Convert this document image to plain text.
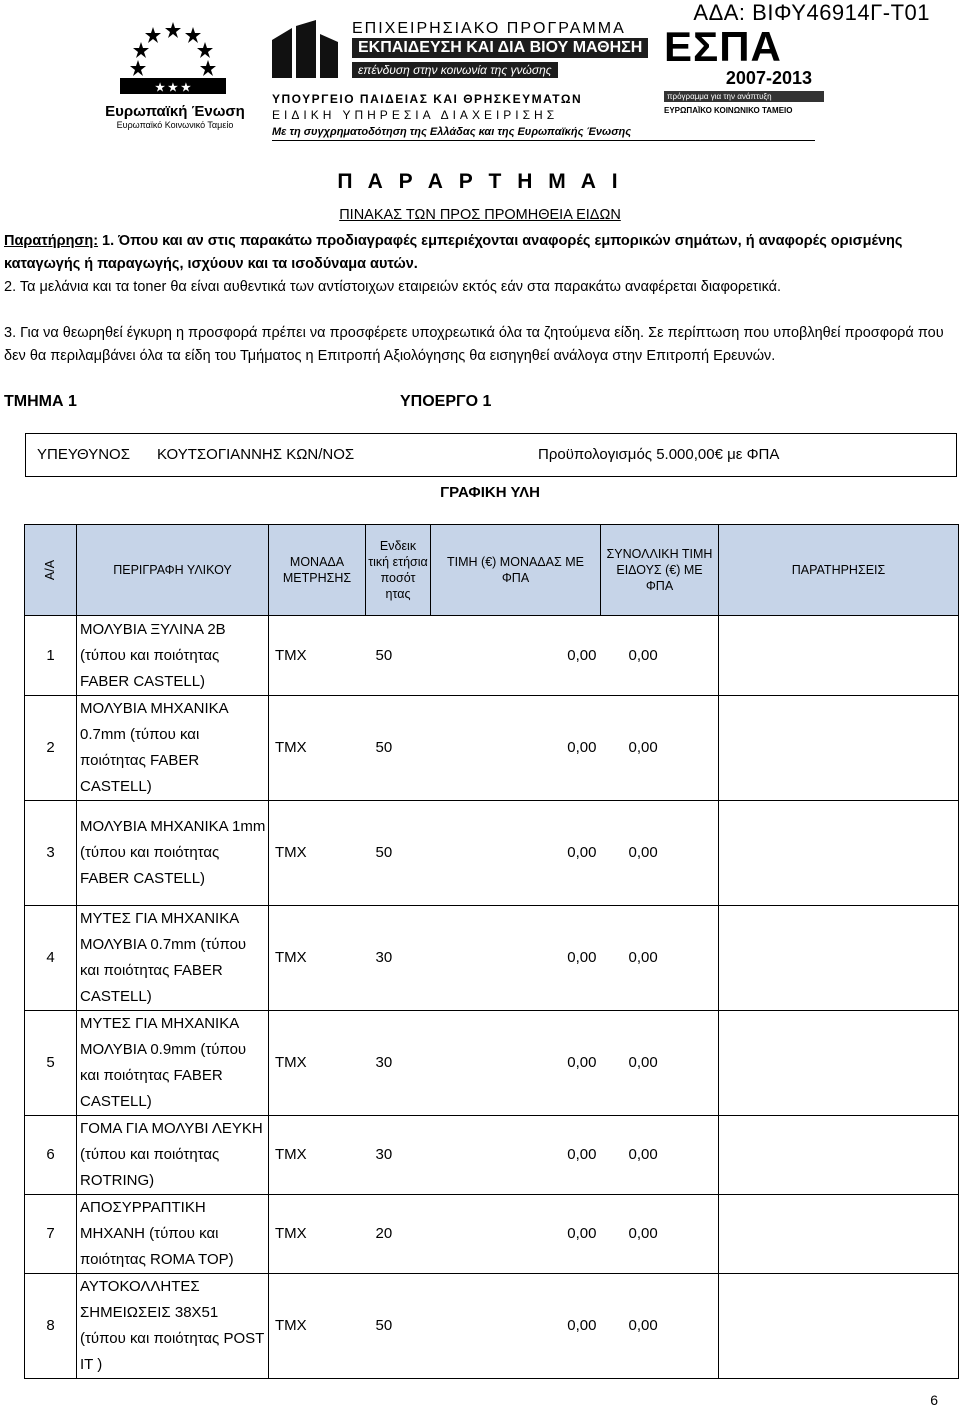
ΑΔΑ: ΒΙΦΥ46914Γ-Τ01
★ ★ ★
Ευρωπαϊκή Ένωση
Ευρωπαϊκό Κοινωνικό Ταμείο
ΕΠΙΧΕΙΡΗΣΙΑΚΟ ΠΡΟΓΡΑΜΜΑ
ΕΚΠΑΙΔΕΥΣΗ ΚΑΙ ΔΙΑ ΒΙΟΥ ΜΑΘΗΣΗ
επένδυση στην κοινωνία της γνώσης
ΥΠΟΥΡΓΕΙΟ ΠΑΙΔΕΙΑΣ ΚΑΙ ΘΡΗΣΚΕΥΜΑΤΩΝ
ΕΙΔΙΚΗ ΥΠΗΡΕΣΙΑ ΔΙΑΧΕΙΡΙΣΗΣ
Με τη συγχρηματοδότηση της Ελλάδας και της Ευρωπαϊκής Ένωσης
ΕΣΠΑ
2007-2013
πρόγραμμα για την ανάπτυξη
ΕΥΡΩΠΑΪΚΟ ΚΟΙΝΩΝΙΚΟ ΤΑΜΕΙΟ
Π Α Ρ Α Ρ Τ Η Μ Α Ι
ΠΙΝΑΚΑΣ ΤΩΝ ΠΡΟΣ ΠΡΟΜΗΘΕΙΑ ΕΙΔΩΝ
Παρατήρηση: 1. Όπου και αν στις παρακάτω προδιαγραφές εμπεριέχονται αναφορές εμπορικών σημάτων, ή αναφορές ορισμένης καταγωγής ή παραγωγής, ισχύουν και τα ισοδύναμα αυτών.
2. Τα μελάνια και τα toner θα είναι αυθεντικά των αντίστοιχων εταιρειών εκτός εάν στα παρακάτω αναφέρεται διαφορετικά.
3. Για να θεωρηθεί έγκυρη η προσφορά πρέπει να προσφέρετε υποχρεωτικά όλα τα ζητούμενα είδη. Σε περίπτωση που υποβληθεί προσφορά που δεν θα περιλαμβάνει όλα τα είδη του Τμήματος η Επιτροπή Αξιολόγησης θα εισηγηθεί ανάλογα στην Επιτροπή Ερευνών.
ΤΜΗΜΑ 1	ΥΠΟΕΡΓΟ 1
ΥΠΕΥΘΥΝΟΣ ΚΟΥΤΣΟΓΙΑΝΝΗΣ ΚΩΝ/ΝΟΣ	Προϋπολογισμός 5.000,00€ με ΦΠΑ
ΓΡΑΦΙΚΗ ΥΛΗ
Α/Α	ΠΕΡΙΓΡΑΦΗ ΥΛΙΚΟΥ	ΜΟΝΑΔΑ ΜΕΤΡΗΣΗΣ	Ενδεικ τική ετήσια ποσότ ητας	ΤΙΜΗ (€) ΜΟΝΑΔΑΣ ΜΕ ΦΠΑ	ΣΥΝΟΛΛΙΚΗ ΤΙΜΗ ΕΙΔΟΥΣ (€) ΜΕ ΦΠΑ	ΠΑΡΑΤΗΡΗΣΕΙΣ
1	ΜΟΛΥΒΙΑ ΞΥΛΙΝΑ 2Β (τύπου και ποιότητας FABER CASTELL)	ΤΜΧ	50	0,00	0,00	
2	ΜΟΛΥΒΙΑ ΜΗΧΑΝΙΚΑ 0.7mm (τύπου και ποιότητας FABER CASTELL)	ΤΜΧ	50	0,00	0,00	
3	ΜΟΛΥΒΙΑ ΜΗΧΑΝΙΚΑ 1mm (τύπου και ποιότητας FABER CASTELL)	ΤΜΧ	50	0,00	0,00	
4	ΜΥΤΕΣ ΓΙΑ ΜΗΧΑΝΙΚΑ ΜΟΛΥΒΙΑ 0.7mm (τύπου και ποιότητας FABER CASTELL)	ΤΜΧ	30	0,00	0,00	
5	ΜΥΤΕΣ ΓΙΑ ΜΗΧΑΝΙΚΑ ΜΟΛΥΒΙΑ 0.9mm (τύπου και ποιότητας FABER CASTELL)	ΤΜΧ	30	0,00	0,00	
6	ΓΟΜΑ ΓΙΑ ΜΟΛΥΒΙ ΛΕΥΚΗ (τύπου και ποιότητας ROTRING)	ΤΜΧ	30	0,00	0,00	
7	ΑΠΟΣΥΡΡΑΠΤΙΚΗ ΜΗΧΑΝΗ (τύπου και ποιότητας ROMA TOP)	ΤΜΧ	20	0,00	0,00	
8	ΑΥΤΟΚΟΛΛΗΤΕΣ ΣΗΜΕΙΩΣΕΙΣ 38Χ51 (τύπου και ποιότητας POST IT )	ΤΜΧ	50	0,00	0,00	
6
